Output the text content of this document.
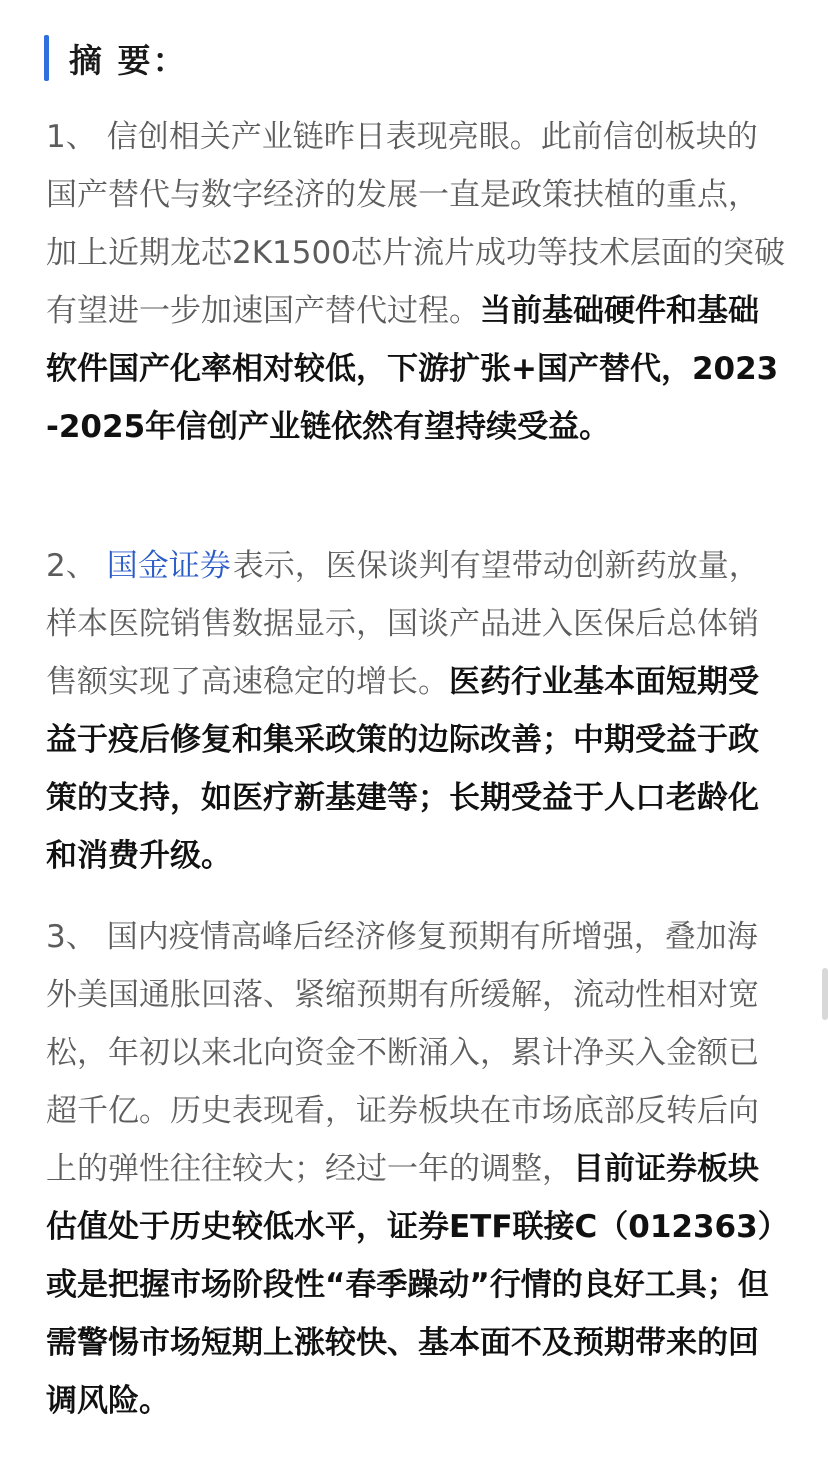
摘 要：

1、 信创相关产业链昨日表现亮眼。此前信创板块的国产替代与数字经济的发展一直是政策扶植的重点，加上近期龙芯2K1500芯片流片成功等技术层面的突破有望进一步加速国产替代过程。当前基础硬件和基础软件国产化率相对较低，下游扩张+国产替代，2023-2025年信创产业链依然有望持续受益。

2、 国金证券表示，医保谈判有望带动创新药放量，样本医院销售数据显示，国谈产品进入医保后总体销售额实现了高速稳定的增长。医药行业基本面短期受益于疫后修复和集采政策的边际改善；中期受益于政策的支持，如医疗新基建等；长期受益于人口老龄化和消费升级。

3、 国内疫情高峰后经济修复预期有所增强，叠加海外美国通胀回落、紧缩预期有所缓解，流动性相对宽松，年初以来北向资金不断涌入，累计净买入金额已超千亿。历史表现看，证券板块在市场底部反转后向上的弹性往往较大；经过一年的调整，目前证券板块估值处于历史较低水平，证券ETF联接C（012363）或是把握市场阶段性“春季躁动”行情的良好工具；但需警惕市场短期上涨较快、基本面不及预期带来的回调风险。
